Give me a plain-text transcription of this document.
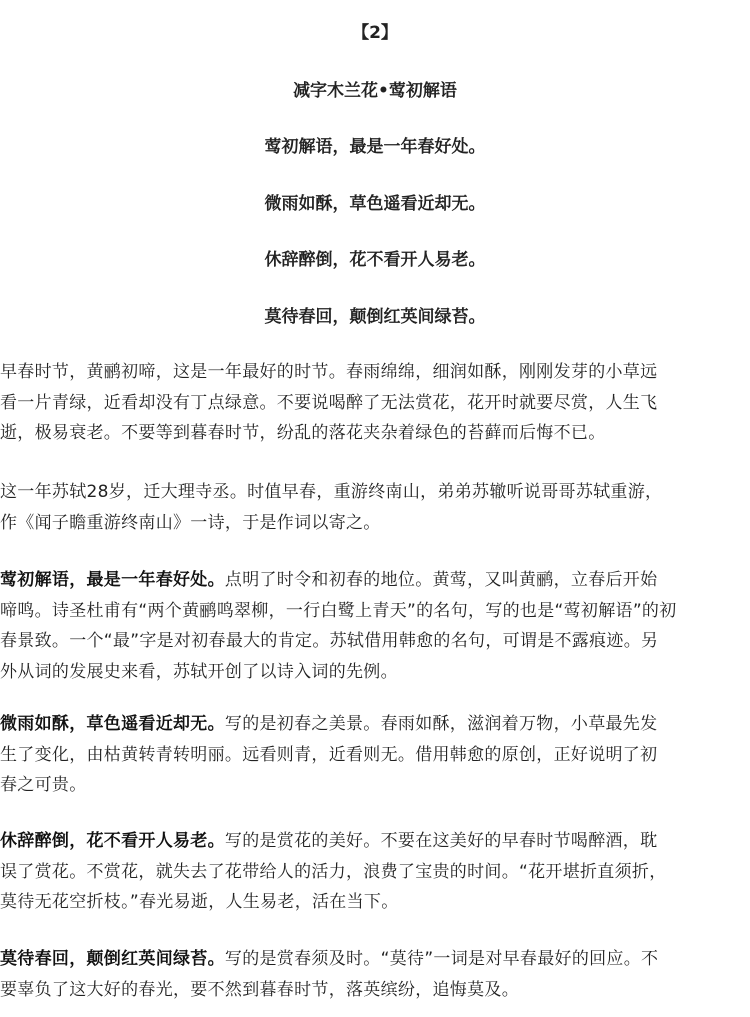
【2】
减字木兰花•莺初解语
莺初解语，最是一年春好处。
微雨如酥，草色遥看近却无。
休辞醉倒，花不看开人易老。
莫待春回，颠倒红英间绿苔。
早春时节，黄鹂初啼，这是一年最好的时节。春雨绵绵，细润如酥，刚刚发芽的小草远
看一片青绿，近看却没有丁点绿意。不要说喝醉了无法赏花，花开时就要尽赏，人生飞
逝，极易衰老。不要等到暮春时节，纷乱的落花夹杂着绿色的苔藓而后悔不已。
这一年苏轼28岁，迁大理寺丞。时值早春，重游终南山，弟弟苏辙听说哥哥苏轼重游，
作《闻子瞻重游终南山》一诗，于是作词以寄之。
莺初解语，最是一年春好处。点明了时令和初春的地位。黄莺，又叫黄鹂，立春后开始
啼鸣。诗圣杜甫有“两个黄鹂鸣翠柳，一行白鹭上青天”的名句，写的也是“莺初解语”的初
春景致。一个“最”字是对初春最大的肯定。苏轼借用韩愈的名句，可谓是不露痕迹。另
外从词的发展史来看，苏轼开创了以诗入词的先例。
微雨如酥，草色遥看近却无。写的是初春之美景。春雨如酥，滋润着万物，小草最先发
生了变化，由枯黄转青转明丽。远看则青，近看则无。借用韩愈的原创，正好说明了初
春之可贵。
休辞醉倒，花不看开人易老。写的是赏花的美好。不要在这美好的早春时节喝醉酒，耽
误了赏花。不赏花，就失去了花带给人的活力，浪费了宝贵的时间。“花开堪折直须折，
莫待无花空折枝。”春光易逝，人生易老，活在当下。
莫待春回，颠倒红英间绿苔。写的是赏春须及时。“莫待”一词是对早春最好的回应。不
要辜负了这大好的春光，要不然到暮春时节，落英缤纷，追悔莫及。
